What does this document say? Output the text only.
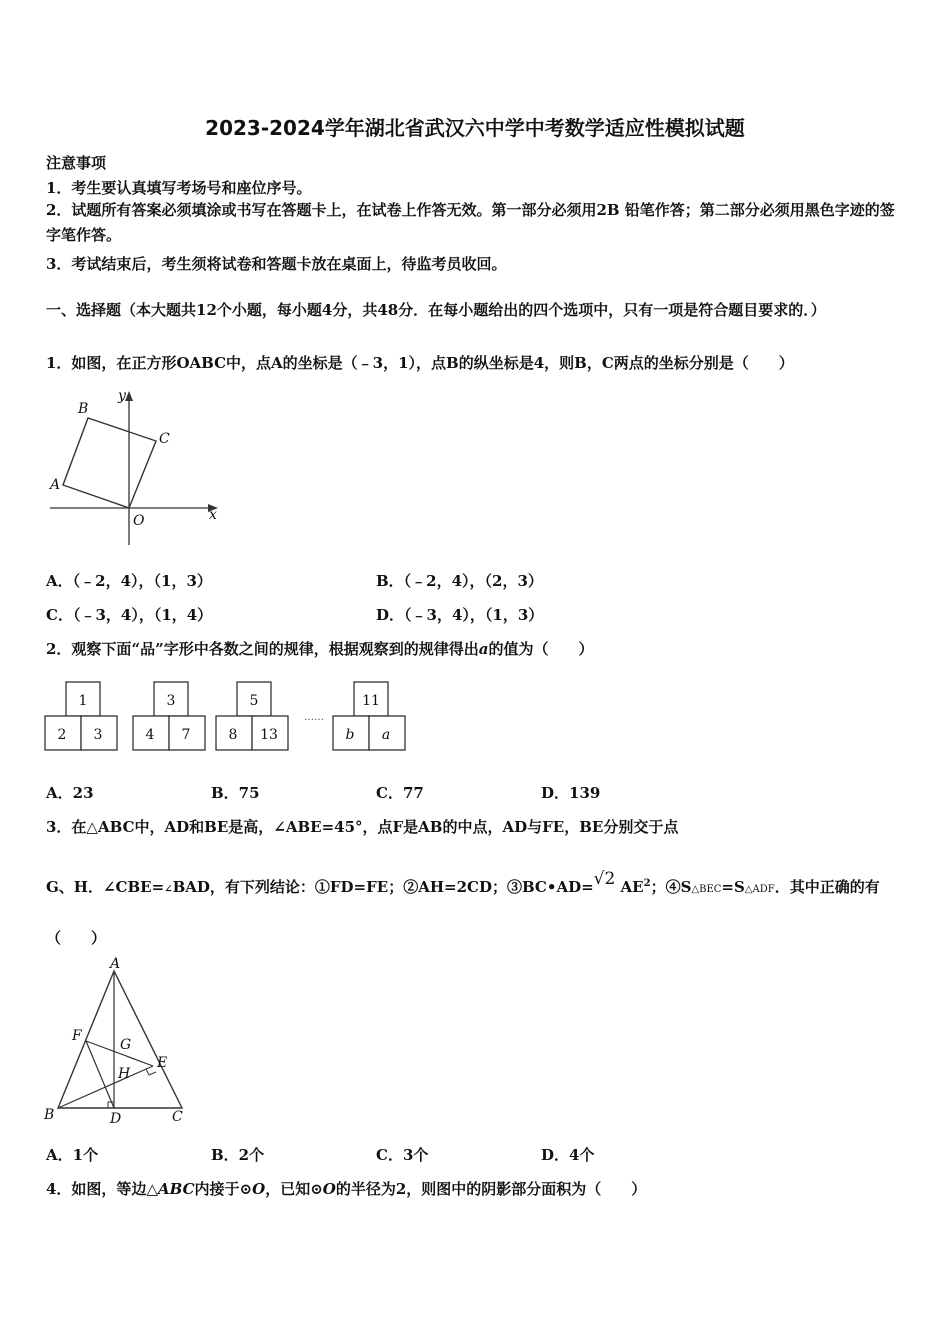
2023-2024学年湖北省武汉六中学中考数学适应性模拟试题
注意事项
1．考生要认真填写考场号和座位序号。
2．试题所有答案必须填涂或书写在答题卡上，在试卷上作答无效。第一部分必须用2B 铅笔作答；第二部分必须用黑色字迹的签字笔作答。
3．考试结束后，考生须将试卷和答题卡放在桌面上，待监考员收回。
一、选择题（本大题共12个小题，每小题4分，共48分．在每小题给出的四个选项中，只有一项是符合题目要求的．）
1．如图，在正方形OABC中，点A的坐标是（﹣3，1），点B的纵坐标是4，则B，C两点的坐标分别是（　　）
B
C
A
O	x
y
A．（﹣2，4），（1，3）	B．（﹣2，4），（2，3）
C．（﹣3，4），（1，4）	D．（﹣3，4），（1，3）
2．观察下面“品”字形中各数之间的规律，根据观察到的规律得出a的值为（　　）
1
2 3
3
4 7
5
8 13
……
11
b a
A．23	B．75	C．77	D．139
3．在△ABC中，AD和BE是高，∠ABE=45°，点F是AB的中点，AD与FE，BE分别交于点
G、H．∠CBE=∠BAD，有下列结论：①FD=FE；②AH=2CD；③BC•AD=√2 $AE^2$；④S△BEC=S△ADF．其中正确的有
（　　）
A
F
G
E
H
B	D	C
A．1个	B．2个	C．3个	D．4个
4．如图，等边△ABC内接于⊙O，已知⊙O的半径为2，则图中的阴影部分面积为（　　）
